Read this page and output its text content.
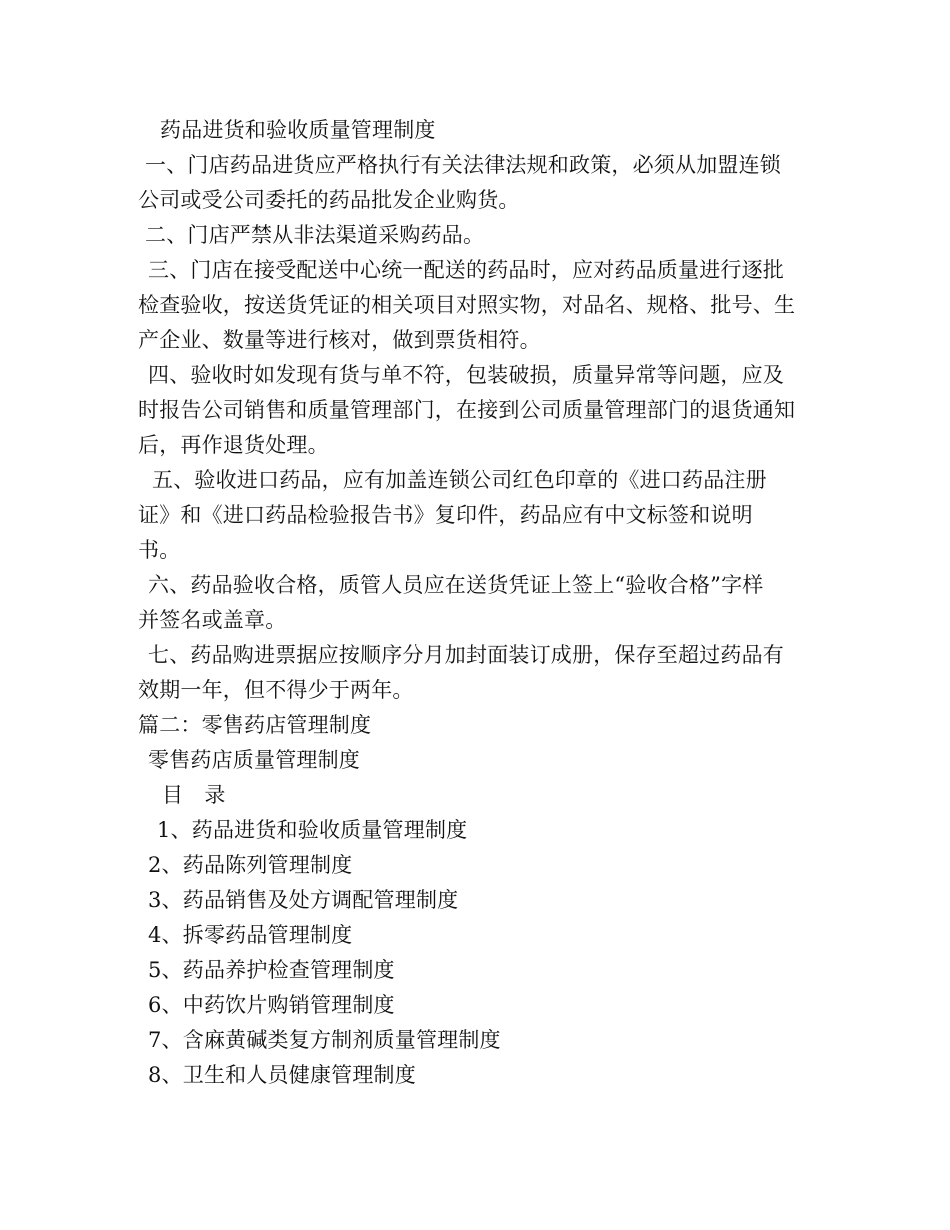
药品进货和验收质量管理制度
一、门店药品进货应严格执行有关法律法规和政策，必须从加盟连锁
公司或受公司委托的药品批发企业购货。
二、门店严禁从非法渠道采购药品。
三、门店在接受配送中心统一配送的药品时，应对药品质量进行逐批
检查验收，按送货凭证的相关项目对照实物，对品名、规格、批号、生
产企业、数量等进行核对，做到票货相符。
四、验收时如发现有货与单不符，包装破损，质量异常等问题，应及
时报告公司销售和质量管理部门，在接到公司质量管理部门的退货通知
后，再作退货处理。
五、验收进口药品，应有加盖连锁公司红色印章的《进口药品注册
证》和《进口药品检验报告书》复印件，药品应有中文标签和说明
书。
六、药品验收合格，质管人员应在送货凭证上签上“验收合格”字样
并签名或盖章。
七、药品购进票据应按顺序分月加封面装订成册，保存至超过药品有
效期一年，但不得少于两年。
篇二：零售药店管理制度
零售药店质量管理制度
目　录
1、药品进货和验收质量管理制度
2、药品陈列管理制度
3、药品销售及处方调配管理制度
4、拆零药品管理制度
5、药品养护检查管理制度
6、中药饮片购销管理制度
7、含麻黄碱类复方制剂质量管理制度
8、卫生和人员健康管理制度
